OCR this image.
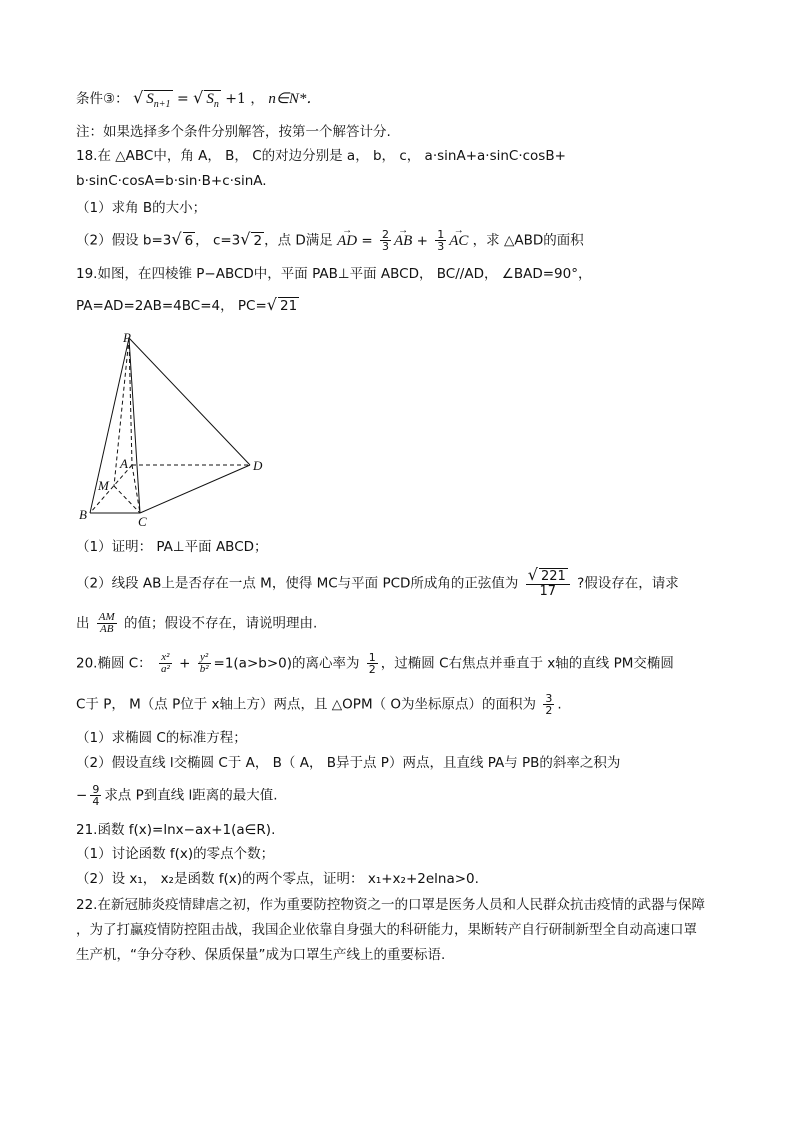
条件③： √ $S_{n+1}$ = √ $S_n +1$ ， n∈N*．
注：如果选择多个条件分别解答，按第一个解答计分.
18.在 △ABC中，角 A， B， C的对边分别是 a， b， c， a·sinA+a·sinC·cosB+
b·sinC·cosA=b·sin·B+c·sinA.
（1）求角 B的大小；
（2）假设 b=3√ 6 ， c=3√ 2 ，点 D满足 → AD = $\frac{2}{3}$ → AB + $\frac{1}{3}$ → AC ，求 △ABD的面积
19.如图，在四棱锥 P−ABCD中，平面 PAB⊥平面 ABCD， BC//AD， ∠BAD=90°，
PA=AD=2AB=4BC=4， PC=√ 21
P
A	D
M
B	C
（1）证明： PA⊥平面 ABCD；
（2）线段 AB上是否存在一点 M，使得 MC与平面 PCD所成角的正弦值为 $\frac{√ 221}{17}$ ?假设存在，请求
出 $\frac{AM}{AB}$ 的值；假设不存在，请说明理由.
20.椭圆 C： $\frac{\text{x²}}{\text{a²}} + \frac{\text{y²}}{\text{b²}} =1(a>b>0)$的离心率为 $\frac{1}{2}$ ，过椭圆 C右焦点并垂直于 x轴的直线 PM交椭圆
C于 P， M（点 P位于 x轴上方）两点，且 △OPM（ O为坐标原点）的面积为 $\frac{3}{2}$ .
（1）求椭圆 C的标准方程；
（2）假设直线 l交椭圆 C于 A， B（ A， B异于点 P）两点，且直线 PA与 PB的斜率之积为
− $\frac{9}{4}$ 求点 P到直线 l距离的最大值.
21.函数 f(x)=lnx−ax+1(a∈R).
（1）讨论函数 f(x)的零点个数；
（2）设 x₁， x₂是函数 f(x)的两个零点，证明： x₁+x₂+2elna>0.
22.在新冠肺炎疫情肆虐之初，作为重要防控物资之一的口罩是医务人员和人民群众抗击疫情的武器与保障
，为了打赢疫情防控阻击战，我国企业依靠自身强大的科研能力，果断转产自行研制新型全自动高速口罩
生产机，“争分夺秒、保质保量”成为口罩生产线上的重要标语.
